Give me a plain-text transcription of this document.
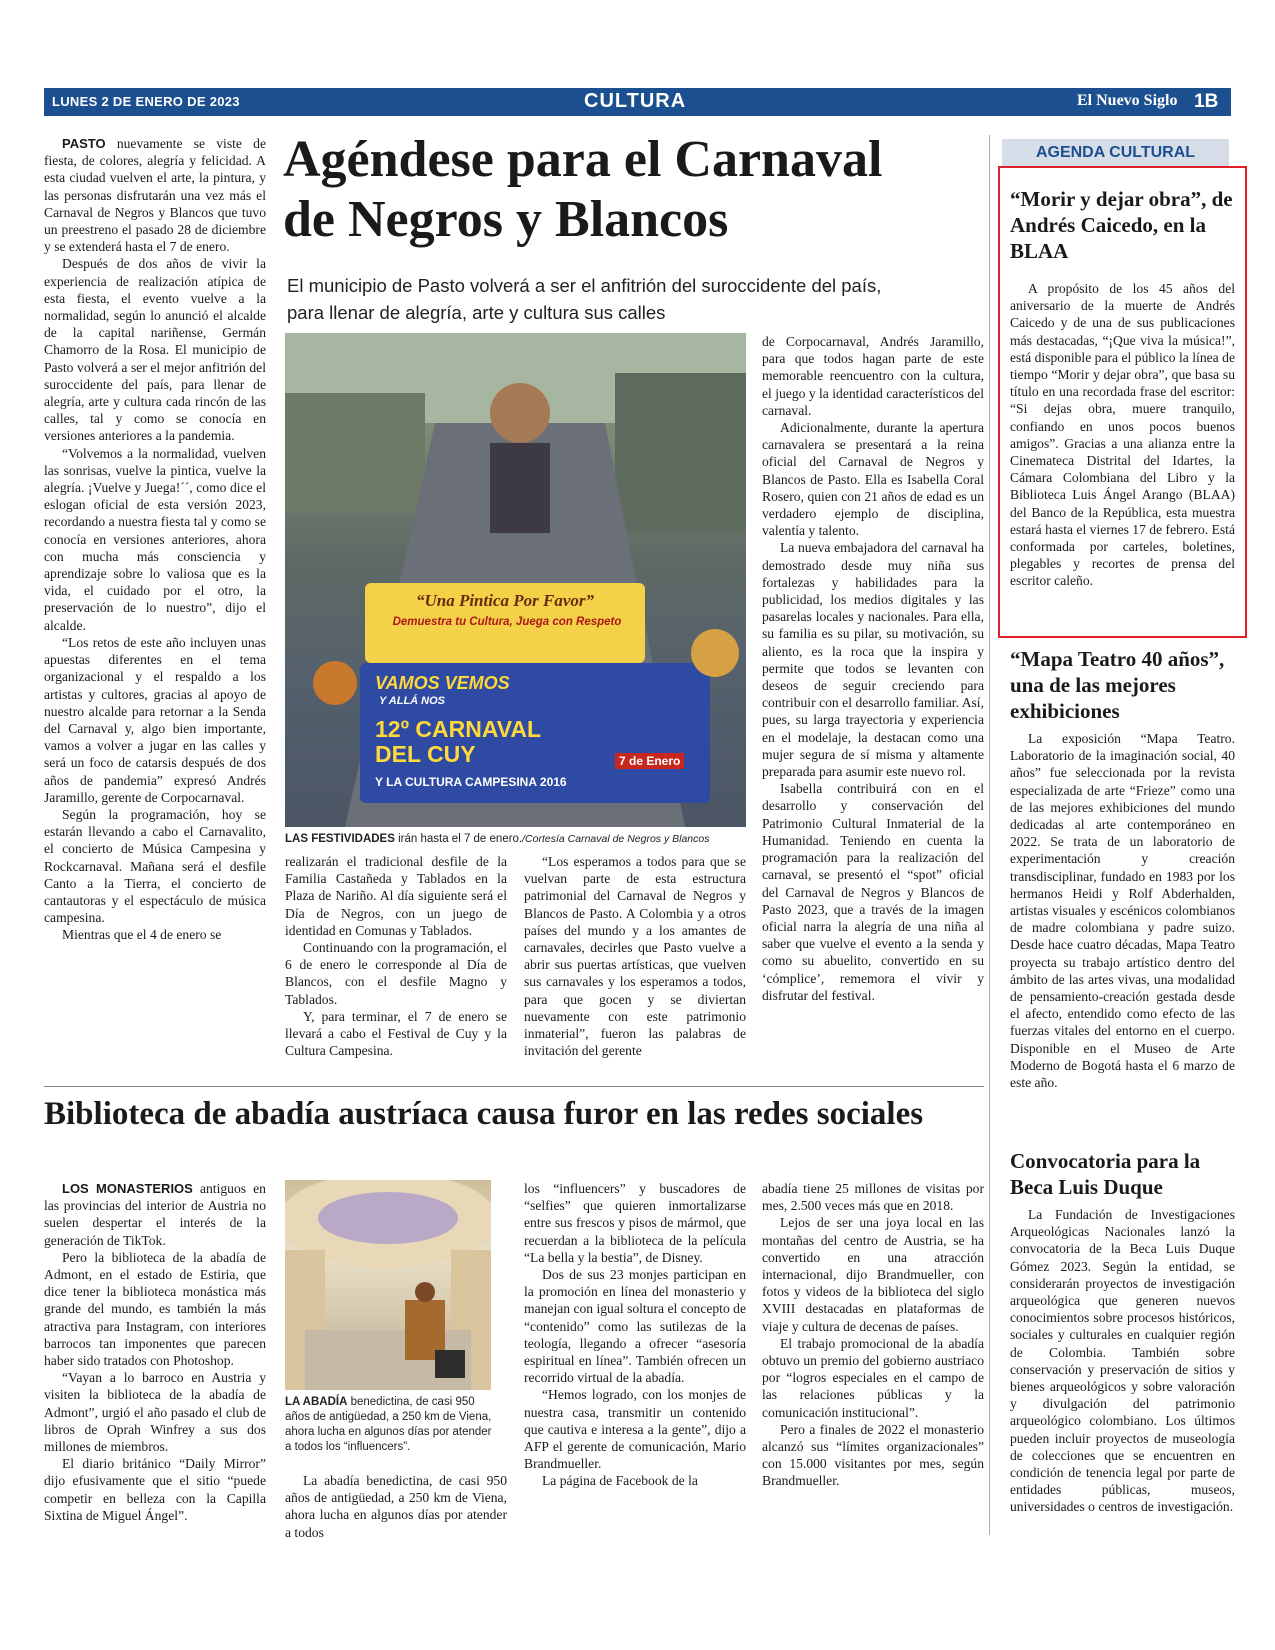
LUNES 2 DE ENERO DE 2023	CULTURA	El Nuevo Siglo 1B
Agéndese para el Carnaval
de Negros y Blancos
El municipio de Pasto volverá a ser el anfitrión del suroccidente del país,
para llenar de alegría, arte y cultura sus calles

PASTO nuevamente se viste de fiesta, de colores, alegría y felicidad. A esta ciudad vuelven el arte, la pintura, y las personas disfrutarán una vez más el Carnaval de Negros y Blancos que tuvo un preestreno el pasado 28 de diciembre y se extenderá hasta el 7 de enero.

Después de dos años de vivir la experiencia de realización atípica de esta fiesta, el evento vuelve a la normalidad, según lo anunció el alcalde de la capital nariñense, Germán Chamorro de la Rosa. El municipio de Pasto volverá a ser el mejor anfitrión del suroccidente del país, para llenar de alegría, arte y cultura cada rincón de las calles, tal y como se conocía en versiones anteriores a la pandemia.

“Volvemos a la normalidad, vuelven las sonrisas, vuelve la pintica, vuelve la alegría. ¡Vuelve y Juega!´´, como dice el eslogan oficial de esta versión 2023, recordando a nuestra fiesta tal y como se conocía en versiones anteriores, ahora con mucha más consciencia y aprendizaje sobre lo valiosa que es la vida, el cuidado por el otro, la preservación de lo nuestro”, dijo el alcalde.

“Los retos de este año incluyen unas apuestas diferentes en el tema organizacional y el respaldo a los artistas y cultores, gracias al apoyo de nuestro alcalde para retornar a la Senda del Carnaval y, algo bien importante, vamos a volver a jugar en las calles y será un foco de catarsis después de dos años de pandemia” expresó Andrés Jaramillo, gerente de Corpocarnaval.

Según la programación, hoy se estarán llevando a cabo el Carnavalito, el concierto de Música Campesina y Rockcarnaval. Mañana será el desfile Canto a la Tierra, el concierto de cantautoras y el espectáculo de música campesina.

Mientras que el 4 de enero se

“Una Pintica Por Favor”
Demuestra tu Cultura, Juega con Respeto
VAMOS VEMOS
Y ALLÁ NOS
12º CARNAVAL DEL CUY
Y LA CULTURA CAMPESINA 2016
7 de Enero
LAS FESTIVIDADES irán hasta el 7 de enero./Cortesía Carnaval de Negros y Blancos

realizarán el tradicional desfile de la Familia Castañeda y Tablados en la Plaza de Nariño. Al día siguiente será el Día de Negros, con un juego de identidad en Comunas y Tablados.

Continuando con la programación, el 6 de enero le corresponde al Día de Blancos, con el desfile Magno y Tablados.

Y, para terminar, el 7 de enero se llevará a cabo el Festival de Cuy y la Cultura Campesina.

“Los esperamos a todos para que se vuelvan parte de esta estructura patrimonial del Carnaval de Negros y Blancos de Pasto. A Colombia y a otros países del mundo y a los amantes de carnavales, decirles que Pasto vuelve a abrir sus puertas artísticas, que vuelven sus carnavales y los esperamos a todos, para que gocen y se diviertan nuevamente con este patrimonio inmaterial”, fueron las palabras de invitación del gerente

de Corpocarnaval, Andrés Jaramillo, para que todos hagan parte de este memorable reencuentro con la cultura, el juego y la identidad característicos del carnaval.

Adicionalmente, durante la apertura carnavalera se presentará a la reina oficial del Carnaval de Negros y Blancos de Pasto. Ella es Isabella Coral Rosero, quien con 21 años de edad es un verdadero ejemplo de disciplina, valentía y talento.

La nueva embajadora del carnaval ha demostrado desde muy niña sus fortalezas y habilidades para la publicidad, los medios digitales y las pasarelas locales y nacionales. Para ella, su familia es su pilar, su motivación, su aliento, es la roca que la inspira y permite que todos se levanten con deseos de seguir creciendo para contribuir con el desarrollo familiar. Así, pues, su larga trayectoria y experiencia en el modelaje, la destacan como una mujer segura de sí misma y altamente preparada para asumir este nuevo rol.

Isabella contribuirá con en el desarrollo y conservación del Patrimonio Cultural Inmaterial de la Humanidad. Teniendo en cuenta la programación para la realización del carnaval, se presentó el “spot” oficial del Carnaval de Negros y Blancos de Pasto 2023, que a través de la imagen oficial narra la alegría de una niña al saber que vuelve el evento a la senda y como su abuelito, convertido en su ‘cómplice’, rememora el vivir y disfrutar del festival.

Biblioteca de abadía austríaca causa furor en las redes sociales

LOS MONASTERIOS antiguos en las provincias del interior de Austria no suelen despertar el interés de la generación de TikTok.

Pero la biblioteca de la abadía de Admont, en el estado de Estiria, que dice tener la biblioteca monástica más grande del mundo, es también la más atractiva para Instagram, con interiores barrocos tan imponentes que parecen haber sido tratados con Photoshop.

“Vayan a lo barroco en Austria y visiten la biblioteca de la abadía de Admont”, urgió el año pasado el club de libros de Oprah Winfrey a sus dos millones de miembros.

El diario británico “Daily Mirror” dijo efusivamente que el sitio “puede competir en belleza con la Capilla Sixtina de Miguel Ángel”.

LA ABADÍA benedictina, de casi 950 años de antigüedad, a 250 km de Viena, ahora lucha en algunos días por atender a todos los “influencers”.

La abadía benedictina, de casi 950 años de antigüedad, a 250 km de Viena, ahora lucha en algunos días por atender a todos

los “influencers” y buscadores de “selfies” que quieren inmortalizarse entre sus frescos y pisos de mármol, que recuerdan a la biblioteca de la película “La bella y la bestia”, de Disney.

Dos de sus 23 monjes participan en la promoción en línea del monasterio y manejan con igual soltura el concepto de “contenido” como las sutilezas de la teología, llegando a ofrecer “asesoría espiritual en línea”. También ofrecen un recorrido virtual de la abadía.

“Hemos logrado, con los monjes de nuestra casa, transmitir un contenido que cautiva e interesa a la gente”, dijo a AFP el gerente de comunicación, Mario Brandmueller.

La página de Facebook de la

abadía tiene 25 millones de visitas por mes, 2.500 veces más que en 2018.

Lejos de ser una joya local en las montañas del centro de Austria, se ha convertido en una atracción internacional, dijo Brandmueller, con fotos y videos de la biblioteca del siglo XVIII destacadas en plataformas de viaje y cultura de decenas de países.

El trabajo promocional de la abadía obtuvo un premio del gobierno austriaco por “logros especiales en el campo de las relaciones públicas y la comunicación institucional”.

Pero a finales de 2022 el monasterio alcanzó sus “límites organizacionales” con 15.000 visitantes por mes, según Brandmueller.

AGENDA CULTURAL
“Morir y dejar obra”, de Andrés Caicedo, en la BLAA

A propósito de los 45 años del aniversario de la muerte de Andrés Caicedo y de una de sus publicaciones más destacadas, “¡Que viva la música!”, está disponible para el público la línea de tiempo “Morir y dejar obra”, que basa su título en una recordada frase del escritor: “Si dejas obra, muere tranquilo, confiando en unos pocos buenos amigos”. Gracias a una alianza entre la Cinemateca Distrital del Idartes, la Cámara Colombiana del Libro y la Biblioteca Luis Ángel Arango (BLAA) del Banco de la República, esta muestra estará hasta el viernes 17 de febrero. Está conformada por carteles, boletines, plegables y recortes de prensa del escritor caleño.

“Mapa Teatro 40 años”, una de las mejores exhibiciones

La exposición “Mapa Teatro. Laboratorio de la imaginación social, 40 años” fue seleccionada por la revista especializada de arte “Frieze” como una de las mejores exhibiciones del mundo dedicadas al arte contemporáneo en 2022. Se trata de un laboratorio de experimentación y creación transdisciplinar, fundado en 1983 por los hermanos Heidi y Rolf Abderhalden, artistas visuales y escénicos colombianos de madre colombiana y padre suizo. Desde hace cuatro décadas, Mapa Teatro proyecta su trabajo artístico dentro del ámbito de las artes vivas, una modalidad de pensamiento-creación gestada desde el afecto, entendido como efecto de las fuerzas vitales del entorno en el cuerpo. Disponible en el Museo de Arte Moderno de Bogotá hasta el 6 marzo de este año.

Convocatoria para la Beca Luis Duque

La Fundación de Investigaciones Arqueológicas Nacionales lanzó la convocatoria de la Beca Luis Duque Gómez 2023. Según la entidad, se considerarán proyectos de investigación arqueológica que generen nuevos conocimientos sobre procesos históricos, sociales y culturales en cualquier región de Colombia. También sobre conservación y preservación de sitios y bienes arqueológicos y sobre valoración y divulgación del patrimonio arqueológico colombiano. Los últimos pueden incluir proyectos de museología de colecciones que se encuentren en condición de tenencia legal por parte de entidades públicas, museos, universidades o centros de investigación.
